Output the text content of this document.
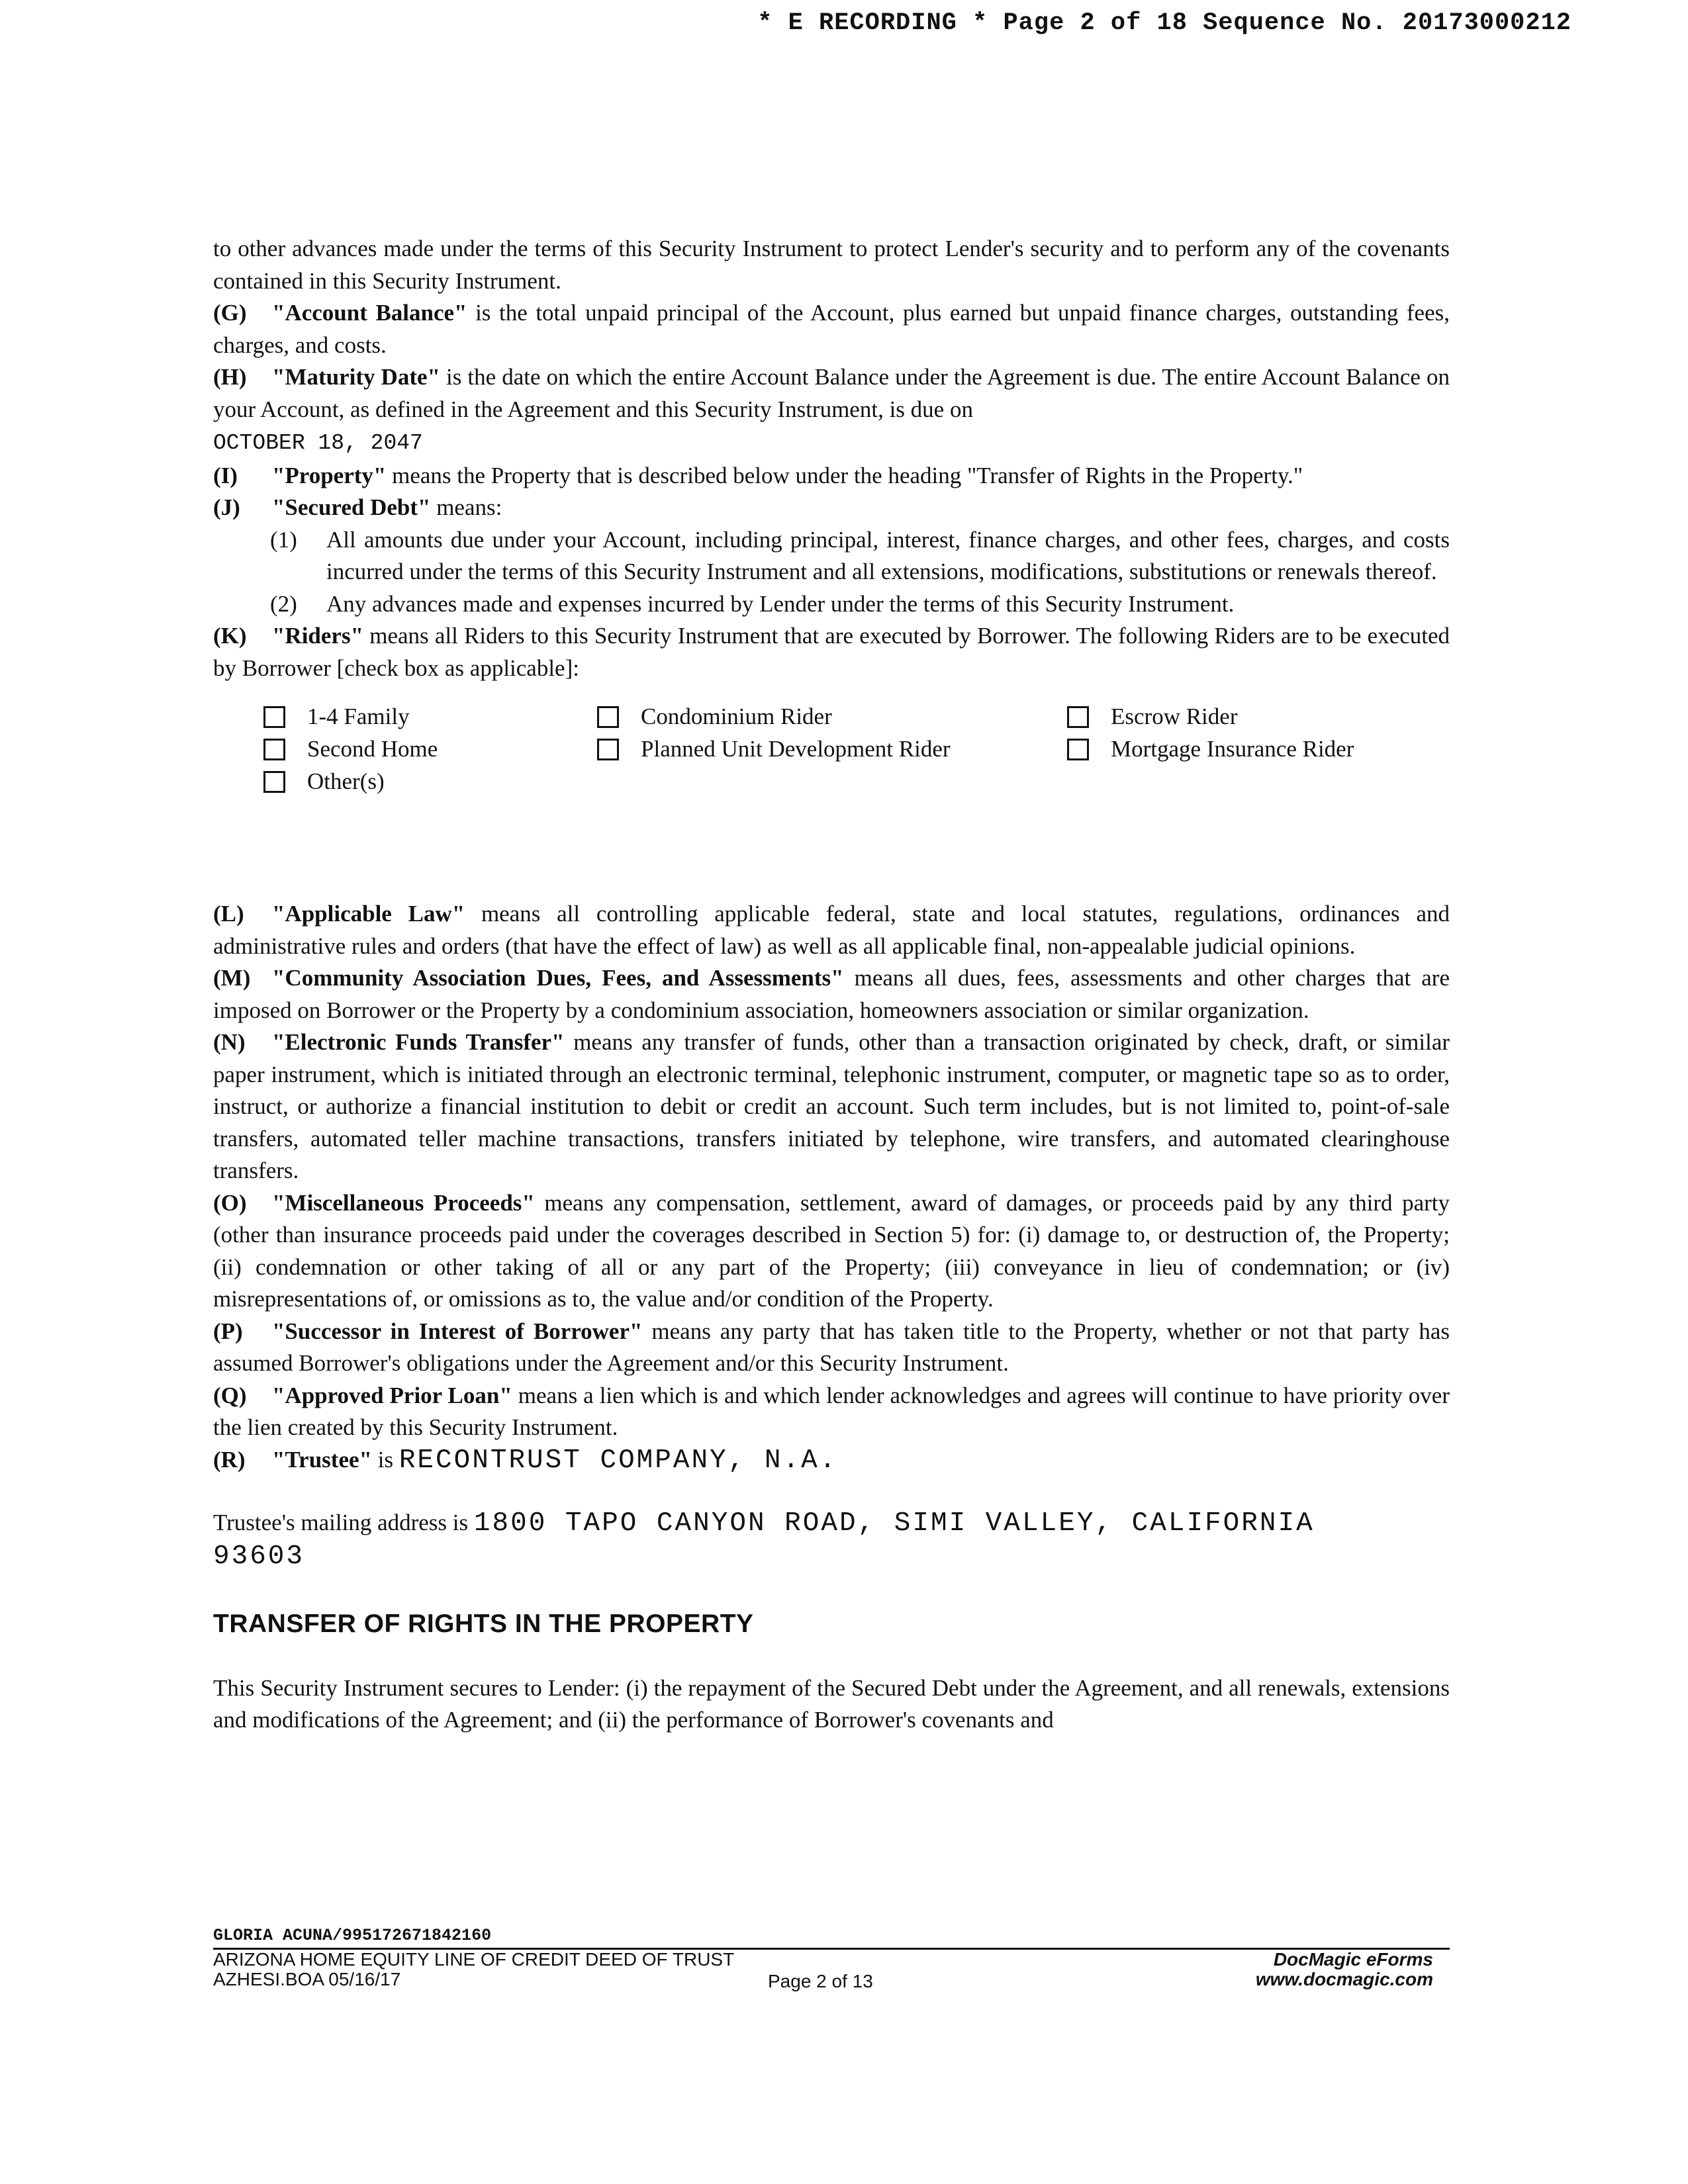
* E RECORDING * Page 2 of 18 Sequence No. 20173000212

to other advances made under the terms of this Security Instrument to protect Lender's security and to perform any of the covenants contained in this Security Instrument.

(G) "Account Balance" is the total unpaid principal of the Account, plus earned but unpaid finance charges, outstanding fees, charges, and costs.

(H) "Maturity Date" is the date on which the entire Account Balance under the Agreement is due. The entire Account Balance on your Account, as defined in the Agreement and this Security Instrument, is due on
OCTOBER 18, 2047

(I) "Property" means the Property that is described below under the heading "Transfer of Rights in the Property."

(J) "Secured Debt" means:

(1)	All amounts due under your Account, including principal, interest, finance charges, and other fees, charges, and costs incurred under the terms of this Security Instrument and all extensions, modifications, substitutions or renewals thereof.
(2)	Any advances made and expenses incurred by Lender under the terms of this Security Instrument.

(K) "Riders" means all Riders to this Security Instrument that are executed by Borrower. The following Riders are to be executed by Borrower [check box as applicable]:

1-4 Family	Condominium Rider	Escrow Rider
Second Home	Planned Unit Development Rider	Mortgage Insurance Rider
Other(s)

(L) "Applicable Law" means all controlling applicable federal, state and local statutes, regulations, ordinances and administrative rules and orders (that have the effect of law) as well as all applicable final, non-appealable judicial opinions.

(M) "Community Association Dues, Fees, and Assessments" means all dues, fees, assessments and other charges that are imposed on Borrower or the Property by a condominium association, homeowners association or similar organization.

(N) "Electronic Funds Transfer" means any transfer of funds, other than a transaction originated by check, draft, or similar paper instrument, which is initiated through an electronic terminal, telephonic instrument, computer, or magnetic tape so as to order, instruct, or authorize a financial institution to debit or credit an account. Such term includes, but is not limited to, point-of-sale transfers, automated teller machine transactions, transfers initiated by telephone, wire transfers, and automated clearinghouse transfers.

(O) "Miscellaneous Proceeds" means any compensation, settlement, award of damages, or proceeds paid by any third party (other than insurance proceeds paid under the coverages described in Section 5) for: (i) damage to, or destruction of, the Property; (ii) condemnation or other taking of all or any part of the Property; (iii) conveyance in lieu of condemnation; or (iv) misrepresentations of, or omissions as to, the value and/or condition of the Property.

(P) "Successor in Interest of Borrower" means any party that has taken title to the Property, whether or not that party has assumed Borrower's obligations under the Agreement and/or this Security Instrument.

(Q) "Approved Prior Loan" means a lien which is and which lender acknowledges and agrees will continue to have priority over the lien created by this Security Instrument.

(R) "Trustee" is RECONTRUST COMPANY, N.A.

Trustee's mailing address is 1800 TAPO CANYON ROAD, SIMI VALLEY, CALIFORNIA
93603

TRANSFER OF RIGHTS IN THE PROPERTY

This Security Instrument secures to Lender: (i) the repayment of the Secured Debt under the Agreement, and all renewals, extensions and modifications of the Agreement; and (ii) the performance of Borrower's covenants and

GLORIA ACUNA/995172671842160
ARIZONA HOME EQUITY LINE OF CREDIT DEED OF TRUST
AZHESI.BOA 05/16/17
DocMagic eForms
www.docmagic.com
Page 2 of 13
